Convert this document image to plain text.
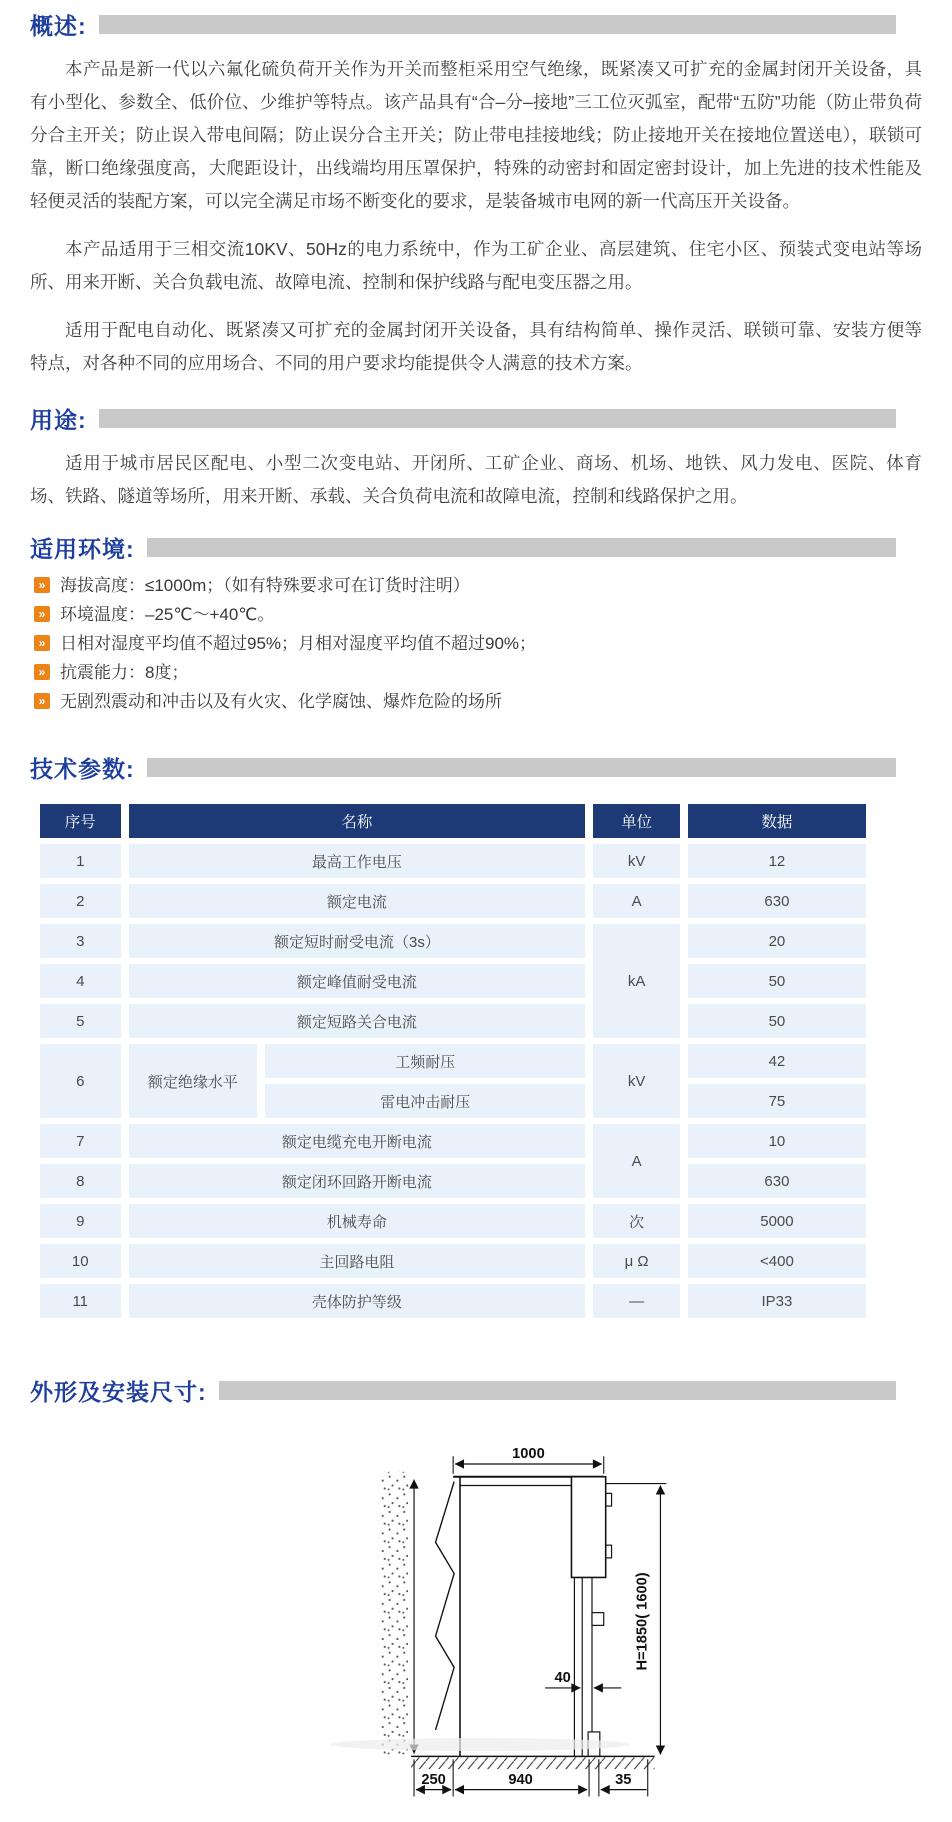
概述:

本产品是新一代以六氟化硫负荷开关作为开关而整柜采用空气绝缘，既紧凑又可扩充的金属封闭开关设备，具有小型化、参数全、低价位、少维护等特点。该产品具有“合–分–接地”三工位灭弧室，配带“五防”功能（防止带负荷分合主开关；防止误入带电间隔；防止误分合主开关；防止带电挂接地线；防止接地开关在接地位置送电），联锁可靠，断口绝缘强度高，大爬距设计，出线端均用压罩保护，特殊的动密封和固定密封设计，加上先进的技术性能及轻便灵活的装配方案，可以完全满足市场不断变化的要求，是装备城市电网的新一代高压开关设备。

本产品适用于三相交流10KV、50Hz的电力系统中，作为工矿企业、高层建筑、住宅小区、预装式变电站等场所、用来开断、关合负载电流、故障电流、控制和保护线路与配电变压器之用。

适用于配电自动化、既紧凑又可扩充的金属封闭开关设备，具有结构简单、操作灵活、联锁可靠、安装方便等特点，对各种不同的应用场合、不同的用户要求均能提供令人满意的技术方案。

用途:

适用于城市居民区配电、小型二次变电站、开闭所、工矿企业、商场、机场、地铁、风力发电、医院、体育场、铁路、隧道等场所，用来开断、承载、关合负荷电流和故障电流，控制和线路保护之用。

适用环境:
» 海拔高度：≤1000m；（如有特殊要求可在订货时注明）
» 环境温度：–25℃～+40℃。
» 日相对湿度平均值不超过95%；月相对湿度平均值不超过90%；
» 抗震能力：8度；
» 无剧烈震动和冲击以及有火灾、化学腐蚀、爆炸危险的场所
技术参数:
序号	名称		单位	数据
1	最高工作电压		kV	12
2	额定电流		A	630
3	额定短时耐受电流（3s）		kA	20
4	额定峰值耐受电流			50
5	额定短路关合电流			50
6	额定绝缘水平	工频耐压	kV	42
		雷电冲击耐压		75
7	额定电缆充电开断电流		A	10
8	额定闭环回路开断电流			630
9	机械寿命		次	5000
10	主回路电阻		μ Ω	<400
11	壳体防护等级		—	IP33
外形及安装尺寸:
1000
H=1850( 1600)
40
250	940	35
